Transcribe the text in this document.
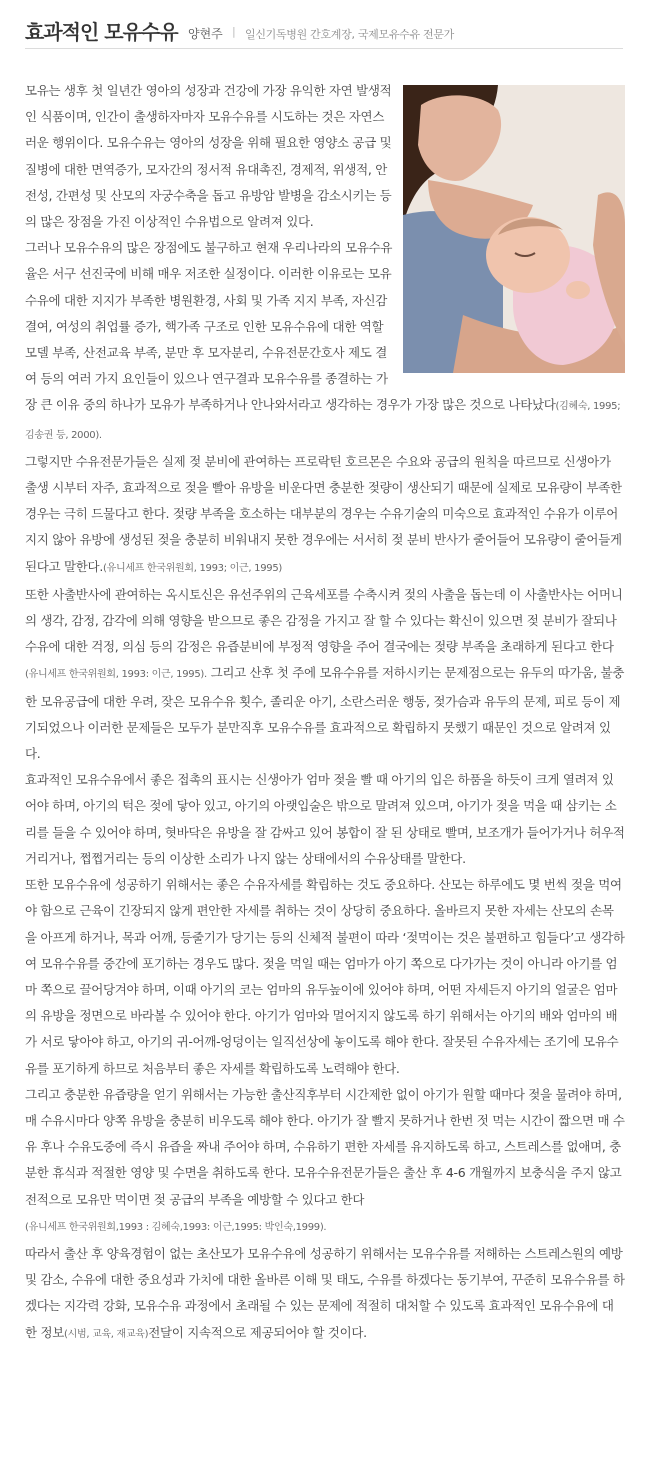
효과적인 모유수유 양현주 | 일신기독병원 간호계장, 국제모유수유 전문가

모유는 생후 첫 일년간 영아의 성장과 건강에 가장 유익한 자연 발생적인 식품이며, 인간이 출생하자마자 모유수유를 시도하는 것은 자연스러운 행위이다. 모유수유는 영아의 성장을 위해 필요한 영양소 공급 및 질병에 대한 면역증가, 모자간의 정서적 유대촉진, 경제적, 위생적, 안전성, 간편성 및 산모의 자궁수축을 돕고 유방암 발병을 감소시키는 등의 많은 장점을 가진 이상적인 수유법으로 알려져 있다.

그러나 모유수유의 많은 장점에도 불구하고 현재 우리나라의 모유수유율은 서구 선진국에 비해 매우 저조한 실정이다. 이러한 이유로는 모유수유에 대한 지지가 부족한 병원환경, 사회 및 가족 지지 부족, 자신감 결여, 여성의 취업률 증가, 핵가족 구조로 인한 모유수유에 대한 역할모델 부족, 산전교육 부족, 분만 후 모자분리, 수유전문간호사 제도 결여 등의 여러 가지 요인들이 있으나 연구결과 모유수유를 종결하는 가장 큰 이유 중의 하나가 모유가 부족하거나 안나와서라고 생각하는 경우가 가장 많은 것으로 나타났다(김혜숙, 1995;김송권 등, 2000).

그렇지만 수유전문가들은 실제 젖 분비에 관여하는 프로락틴 호르몬은 수요와 공급의 원칙을 따르므로 신생아가 출생 시부터 자주, 효과적으로 젖을 빨아 유방을 비운다면 충분한 젖량이 생산되기 때문에 실제로 모유량이 부족한 경우는 극히 드물다고 한다. 젖량 부족을 호소하는 대부분의 경우는 수유기술의 미숙으로 효과적인 수유가 이루어지지 않아 유방에 생성된 젖을 충분히 비워내지 못한 경우에는 서서히 젖 분비 반사가 줄어들어 모유량이 줄어들게 된다고 말한다.(유니세프 한국위원회, 1993; 이근, 1995)

또한 사출반사에 관여하는 옥시토신은 유선주위의 근육세포를 수축시켜 젖의 사출을 돕는데 이 사출반사는 어머니의 생각, 감정, 감각에 의해 영향을 받으므로 좋은 감정을 가지고 잘 할 수 있다는 확신이 있으면 젖 분비가 잘되나 수유에 대한 걱정, 의심 등의 감정은 유즙분비에 부정적 영향을 주어 결국에는 젖량 부족을 초래하게 된다고 한다(유니세프 한국위원회, 1993: 이근, 1995). 그리고 산후 첫 주에 모유수유를 저하시키는 문제점으로는 유두의 따가움, 불충한 모유공급에 대한 우려, 잦은 모유수유 횟수, 졸리운 아기, 소란스러운 행동, 젖가슴과 유두의 문제, 피로 등이 제기되었으나 이러한 문제들은 모두가 분만직후 모유수유를 효과적으로 확립하지 못했기 때문인 것으로 알려져 있다.

효과적인 모유수유에서 좋은 접촉의 표시는 신생아가 엄마 젖을 빨 때 아기의 입은 하품을 하듯이 크게 열려져 있어야 하며, 아기의 턱은 젖에 닿아 있고, 아기의 아랫입술은 밖으로 말려져 있으며, 아기가 젖을 먹을 때 삼키는 소리를 들을 수 있어야 하며, 혓바닥은 유방을 잘 감싸고 있어 봉합이 잘 된 상태로 빨며, 보조개가 들어가거나 허우적거리거나, 쩝쩝거리는 등의 이상한 소리가 나지 않는 상태에서의 수유상태를 말한다.

또한 모유수유에 성공하기 위해서는 좋은 수유자세를 확립하는 것도 중요하다. 산모는 하루에도 몇 번씩 젖을 먹여야 함으로 근육이 긴장되지 않게 편안한 자세를 취하는 것이 상당히 중요하다. 올바르지 못한 자세는 산모의 손목을 아프게 하거나, 목과 어깨, 등줄기가 당기는 등의 신체적 불편이 따라 ‘젖먹이는 것은 불편하고 힘들다’고 생각하여 모유수유를 중간에 포기하는 경우도 많다. 젖을 먹일 때는 엄마가 아기 쪽으로 다가가는 것이 아니라 아기를 엄마 쪽으로 끌어당겨야 하며, 이때 아기의 코는 엄마의 유두높이에 있어야 하며, 어떤 자세든지 아기의 얼굴은 엄마의 유방을 정면으로 바라볼 수 있어야 한다. 아기가 엄마와 멀어지지 않도록 하기 위해서는 아기의 배와 엄마의 배가 서로 닿아야 하고, 아기의 귀-어깨-엉덩이는 일직선상에 놓이도록 해야 한다. 잘못된 수유자세는 조기에 모유수유를 포기하게 하므로 처음부터 좋은 자세를 확립하도록 노력해야 한다.

그리고 충분한 유즙량을 얻기 위해서는 가능한 출산직후부터 시간제한 없이 아기가 원할 때마다 젖을 물려야 하며, 매 수유시마다 양쪽 유방을 충분히 비우도록 해야 한다. 아기가 잘 빨지 못하거나 한번 젓 먹는 시간이 짧으면 매 수유 후나 수유도중에 즉시 유즙을 짜내 주어야 하며, 수유하기 편한 자세를 유지하도록 하고, 스트레스를 없애며, 충분한 휴식과 적절한 영양 및 수면을 취하도록 한다. 모유수유전문가들은 출산 후 4-6 개월까지 보충식을 주지 않고 전적으로 모유만 먹이면 젖 공급의 부족을 예방할 수 있다고 한다
(유니세프 한국위원회,1993 : 김혜숙,1993: 이근,1995: 박인숙,1999).

따라서 출산 후 양육경험이 없는 초산모가 모유수유에 성공하기 위해서는 모유수유를 저해하는 스트레스원의 예방 및 감소, 수유에 대한 중요성과 가치에 대한 올바른 이해 및 태도, 수유를 하겠다는 동기부여, 꾸준히 모유수유를 하겠다는 지각력 강화, 모유수유 과정에서 초래될 수 있는 문제에 적절히 대처할 수 있도록 효과적인 모유수유에 대한 정보(시범, 교육, 재교육)전달이 지속적으로 제공되어야 할 것이다.
